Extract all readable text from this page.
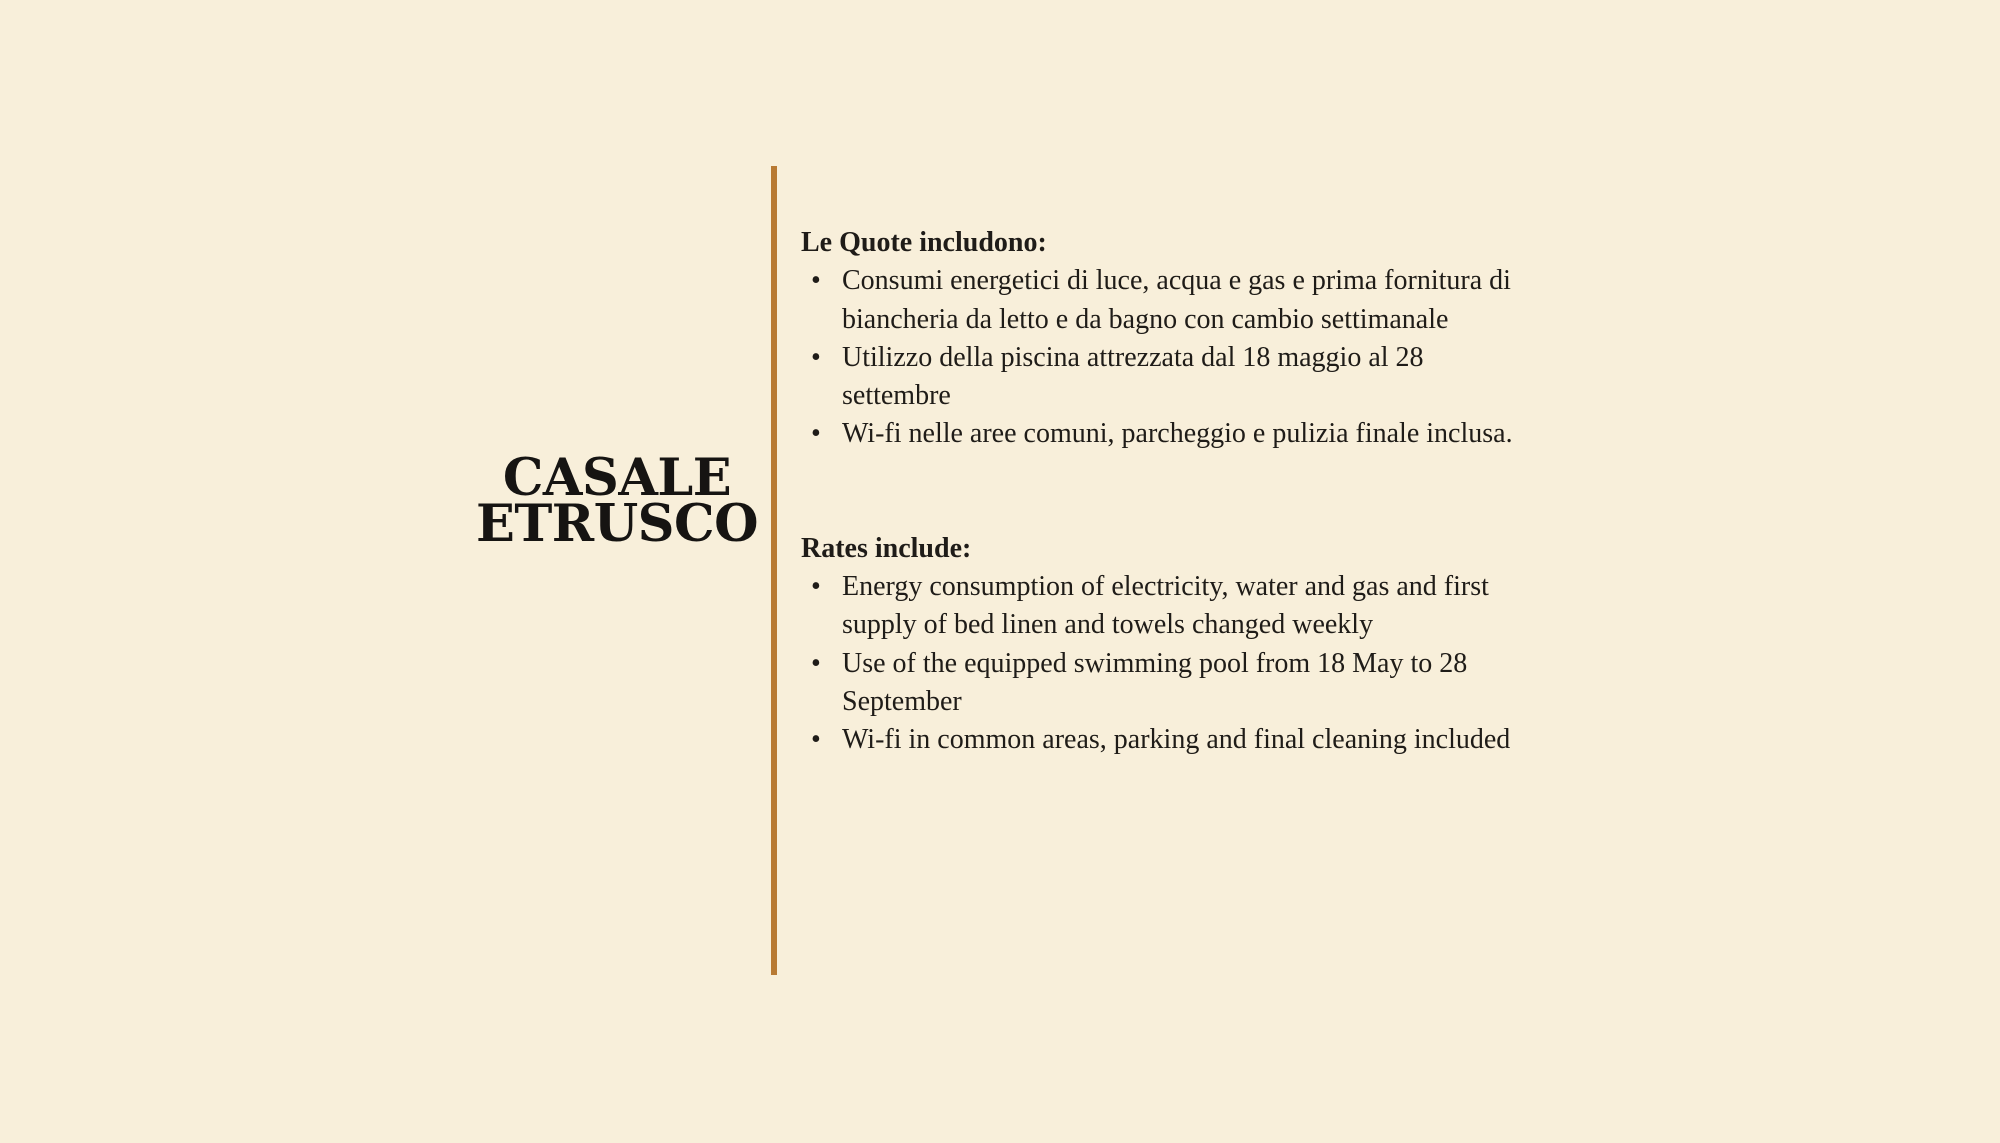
CASALE
ETRUSCO

Le Quote includono:

• Consumi energetici di luce, acqua e gas e prima fornitura di biancheria da letto e da bagno con cambio settimanale
• Utilizzo della piscina attrezzata dal 18 maggio al 28 settembre
• Wi-fi nelle aree comuni, parcheggio e pulizia finale inclusa.

Rates include:

• Energy consumption of electricity, water and gas and first supply of bed linen and towels changed weekly
• Use of the equipped swimming pool from 18 May to 28 September
• Wi-fi in common areas, parking and final cleaning included
